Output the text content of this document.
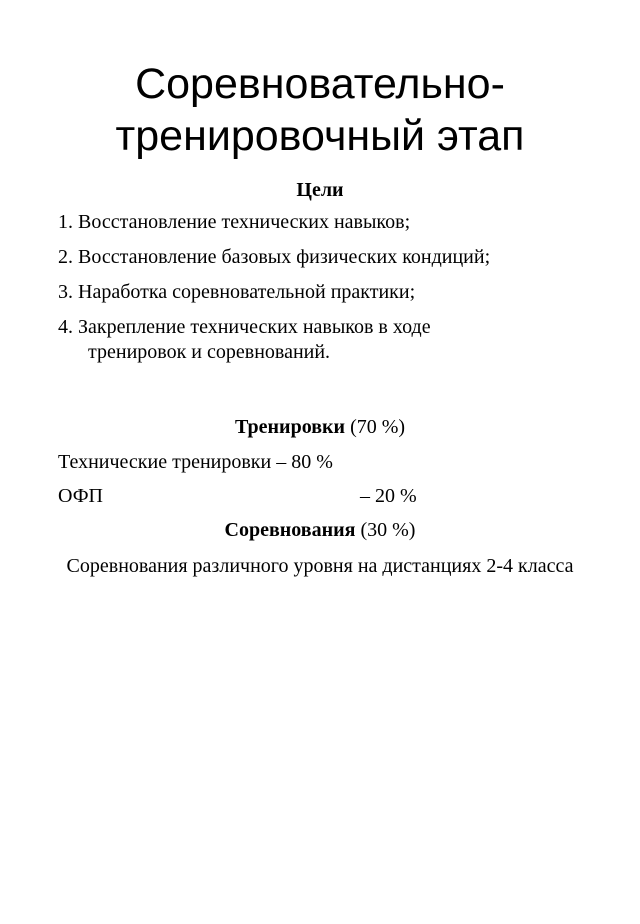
Соревновательно-
тренировочный этап
Цели
1. Восстановление технических навыков;
2. Восстановление базовых физических кондиций;
3. Наработка соревновательной практики;
4. Закрепление технических навыков в ходе
тренировок и соревнований.
Тренировки (70 %)
Технические тренировки – 80 %
ОФП	– 20 %
Соревнования (30 %)
Соревнования различного уровня на дистанциях 2-4 класса
